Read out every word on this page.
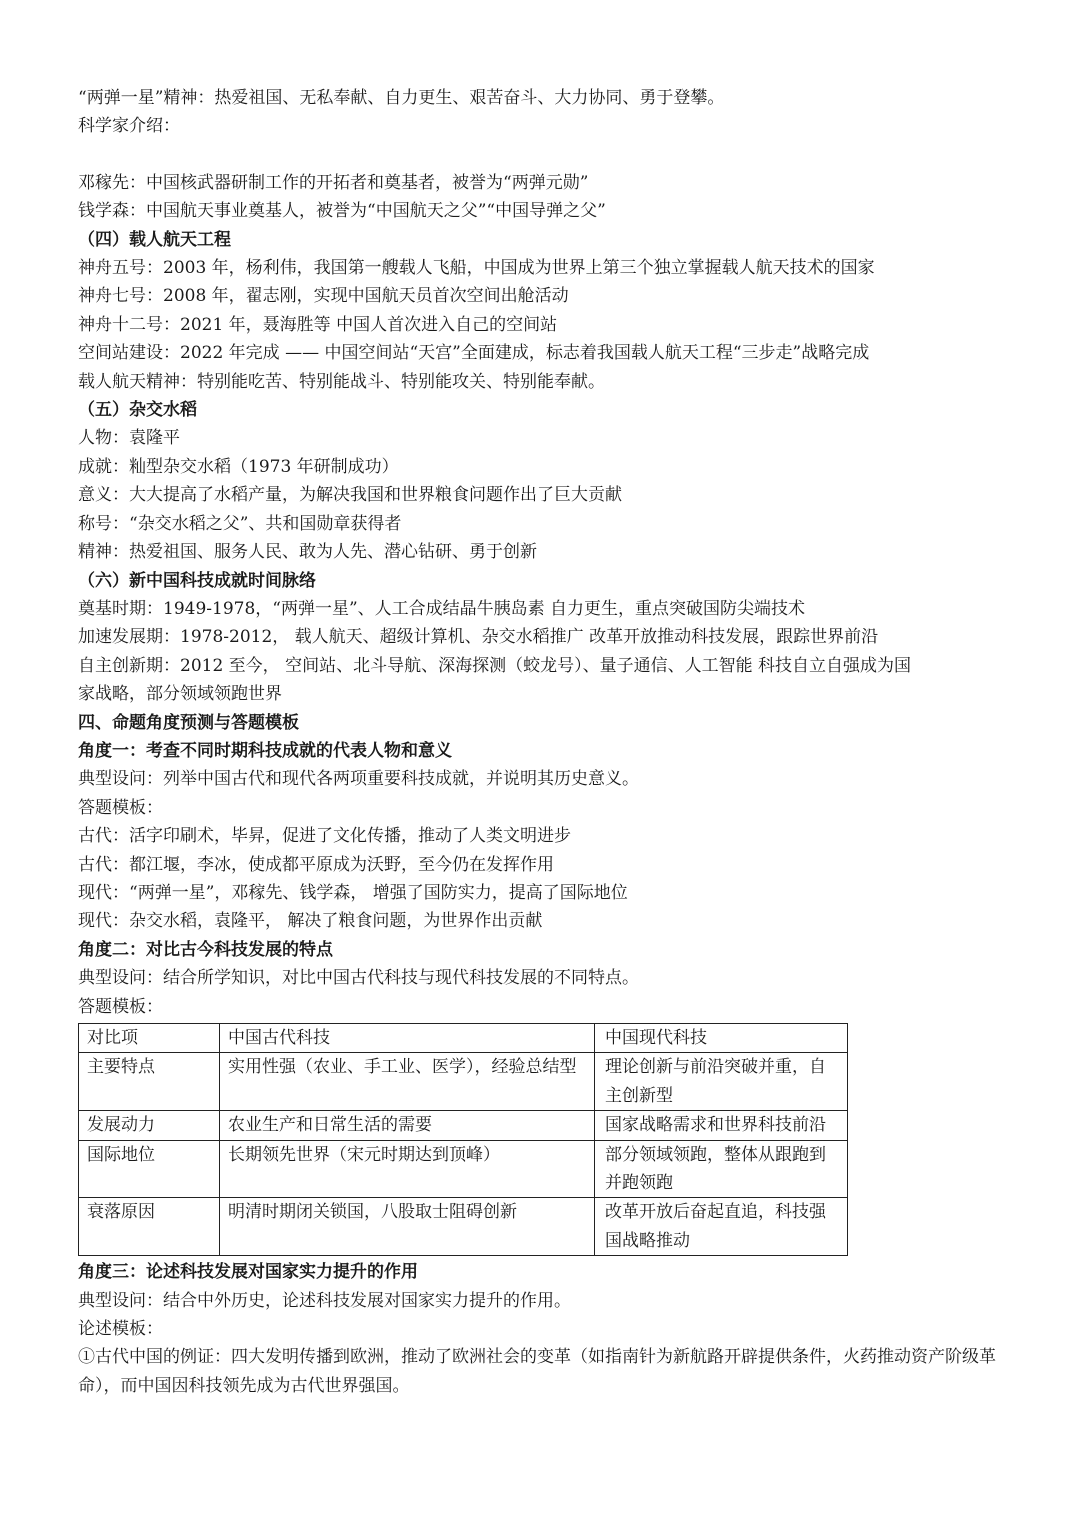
“两弹一星”精神：热爱祖国、无私奉献、自力更生、艰苦奋斗、大力协同、勇于登攀。

科学家介绍：

邓稼先：中国核武器研制工作的开拓者和奠基者，被誉为“两弹元勋”

钱学森：中国航天事业奠基人，被誉为“中国航天之父”“中国导弹之父”

（四）载人航天工程

神舟五号：2003 年，杨利伟，我国第一艘载人飞船，中国成为世界上第三个独立掌握载人航天技术的国家

神舟七号：2008 年，翟志刚，实现中国航天员首次空间出舱活动

神舟十二号：2021 年，聂海胜等 中国人首次进入自己的空间站

空间站建设：2022 年完成 —— 中国空间站“天宫”全面建成，标志着我国载人航天工程“三步走”战略完成

载人航天精神：特别能吃苦、特别能战斗、特别能攻关、特别能奉献。

（五）杂交水稻

人物：袁隆平

成就：籼型杂交水稻（1973 年研制成功）

意义：大大提高了水稻产量，为解决我国和世界粮食问题作出了巨大贡献

称号：“杂交水稻之父”、共和国勋章获得者

精神：热爱祖国、服务人民、敢为人先、潜心钻研、勇于创新

（六）新中国科技成就时间脉络

奠基时期：1949-1978，“两弹一星”、人工合成结晶牛胰岛素 自力更生，重点突破国防尖端技术

加速发展期：1978-2012， 载人航天、超级计算机、杂交水稻推广 改革开放推动科技发展，跟踪世界前沿

自主创新期：2012 至今， 空间站、北斗导航、深海探测（蛟龙号）、量子通信、人工智能 科技自立自强成为国

家战略，部分领域领跑世界

四、命题角度预测与答题模板

角度一：考查不同时期科技成就的代表人物和意义

典型设问：列举中国古代和现代各两项重要科技成就，并说明其历史意义。

答题模板：

古代：活字印刷术，毕昇，促进了文化传播，推动了人类文明进步

古代：都江堰，李冰，使成都平原成为沃野，至今仍在发挥作用

现代：“两弹一星”，邓稼先、钱学森， 增强了国防实力，提高了国际地位

现代：杂交水稻，袁隆平， 解决了粮食问题，为世界作出贡献

角度二：对比古今科技发展的特点

典型设问：结合所学知识，对比中国古代科技与现代科技发展的不同特点。

答题模板：

对比项	中国古代科技	中国现代科技
主要特点	实用性强（农业、手工业、医学），经验总结型	理论创新与前沿突破并重，自主创新型
发展动力	农业生产和日常生活的需要	国家战略需求和世界科技前沿
国际地位	长期领先世界（宋元时期达到顶峰）	部分领域领跑，整体从跟跑到并跑领跑
衰落原因	明清时期闭关锁国，八股取士阻碍创新	改革开放后奋起直追，科技强国战略推动

角度三：论述科技发展对国家实力提升的作用

典型设问：结合中外历史，论述科技发展对国家实力提升的作用。

论述模板：

①古代中国的例证：四大发明传播到欧洲，推动了欧洲社会的变革（如指南针为新航路开辟提供条件，火药推动资产阶级革命），而中国因科技领先成为古代世界强国。
